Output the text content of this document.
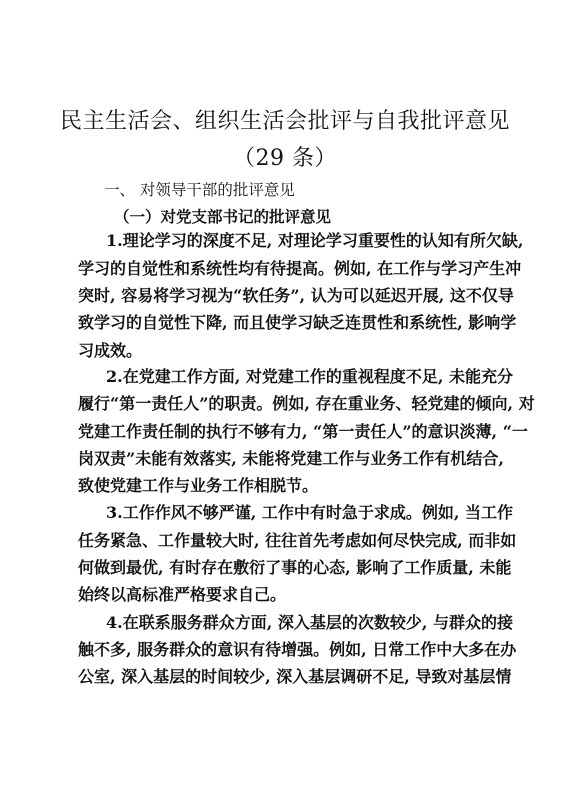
民主生活会、组织生活会批评与自我批评意见
（29 条）
一、 对领导干部的批评意见
（一）对党支部书记的批评意见
1.理论学习的深度不足, 对理论学习重要性的认知有所欠缺,
学习的自觉性和系统性均有待提高。例如, 在工作与学习产生冲
突时, 容易将学习视为“软任务”, 认为可以延迟开展, 这不仅导
致学习的自觉性下降, 而且使学习缺乏连贯性和系统性, 影响学
习成效。
2.在党建工作方面, 对党建工作的重视程度不足, 未能充分
履行“第一责任人”的职责。例如, 存在重业务、轻党建的倾向, 对
党建工作责任制的执行不够有力, “第一责任人”的意识淡薄, “一
岗双责”未能有效落实, 未能将党建工作与业务工作有机结合,
致使党建工作与业务工作相脱节。
3.工作作风不够严谨, 工作中有时急于求成。例如, 当工作
任务紧急、工作量较大时, 往往首先考虑如何尽快完成, 而非如
何做到最优, 有时存在敷衍了事的心态, 影响了工作质量, 未能
始终以高标准严格要求自己。
4.在联系服务群众方面, 深入基层的次数较少, 与群众的接
触不多, 服务群众的意识有待增强。例如, 日常工作中大多在办
公室, 深入基层的时间较少, 深入基层调研不足, 导致对基层情
